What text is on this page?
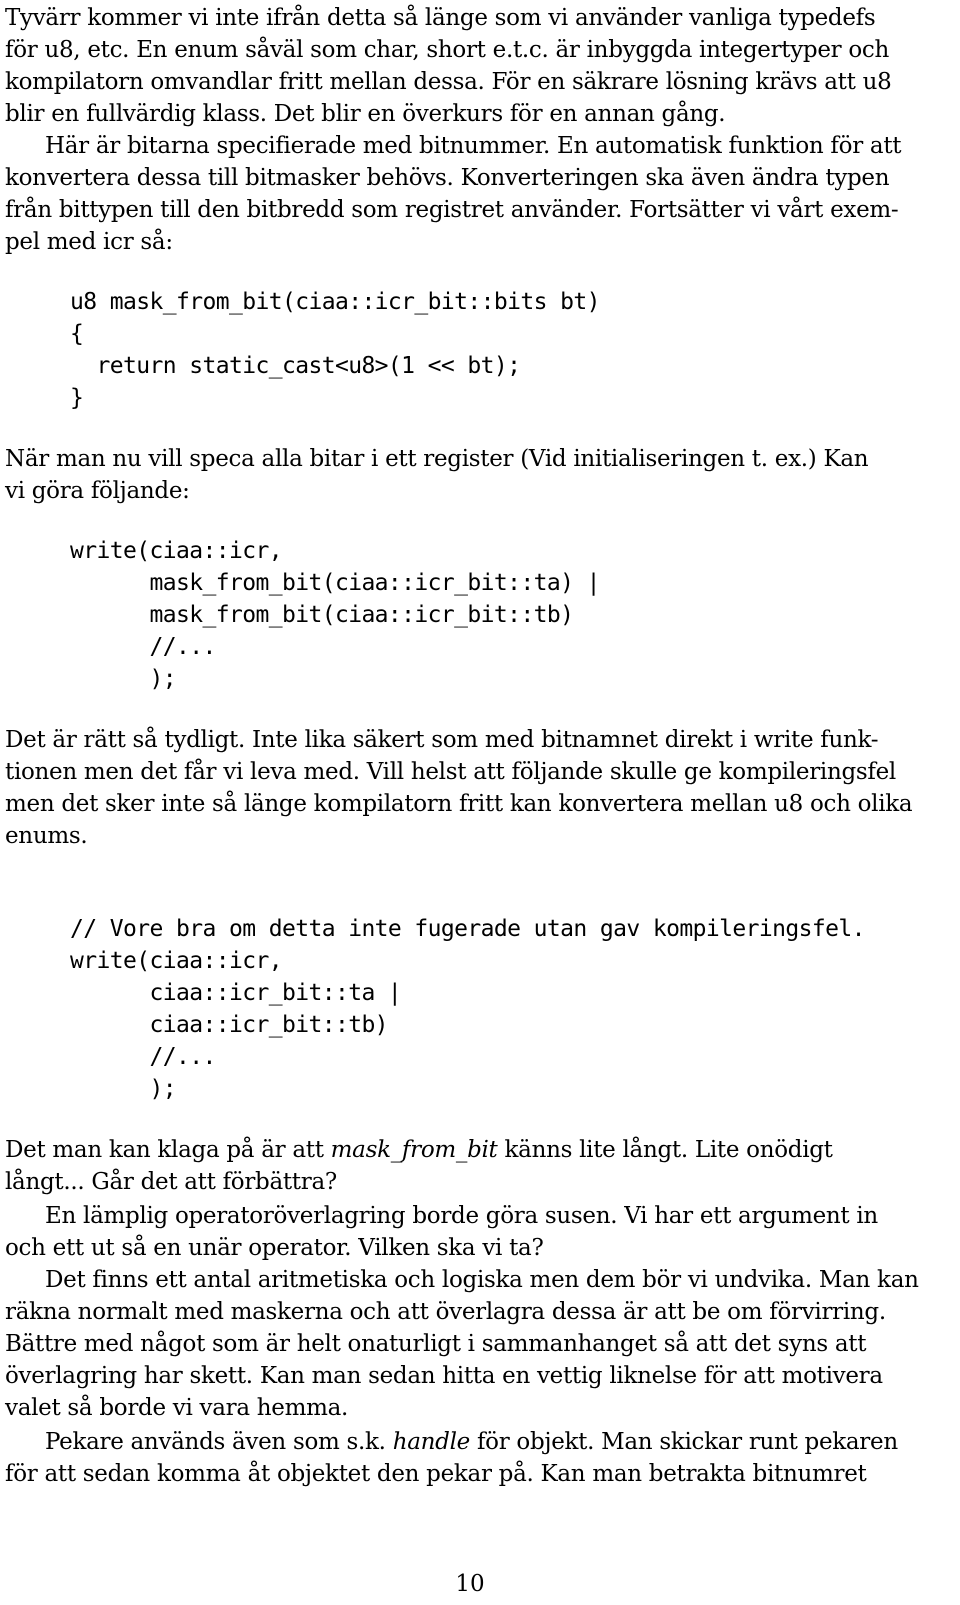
Tyvärr kommer vi inte ifrån detta så länge som vi använder vanliga typedefs
för u8, etc. En enum såväl som char, short e.t.c. är inbyggda integertyper och
kompilatorn omvandlar fritt mellan dessa. För en säkrare lösning krävs att u8
blir en fullvärdig klass. Det blir en överkurs för en annan gång.
Här är bitarna specifierade med bitnummer. En automatisk funktion för att
konvertera dessa till bitmasker behövs. Konverteringen ska även ändra typen
från bittypen till den bitbredd som registret använder. Fortsätter vi vårt exem-
pel med icr så:
u8 mask_from_bit(ciaa::icr_bit::bits bt)
{
return static_cast<u8>(1 << bt);
}
När man nu vill speca alla bitar i ett register (Vid initialiseringen t. ex.) Kan
vi göra följande:
write(ciaa::icr,
mask_from_bit(ciaa::icr_bit::ta) |
mask_from_bit(ciaa::icr_bit::tb)
//...
);
Det är rätt så tydligt. Inte lika säkert som med bitnamnet direkt i write funk-
tionen men det får vi leva med. Vill helst att följande skulle ge kompileringsfel
men det sker inte så länge kompilatorn fritt kan konvertera mellan u8 och olika
enums.
// Vore bra om detta inte fugerade utan gav kompileringsfel.
write(ciaa::icr,
ciaa::icr_bit::ta |
ciaa::icr_bit::tb)
//...
);
Det man kan klaga på är att mask_from_bit känns lite långt. Lite onödigt
långt... Går det att förbättra?
En lämplig operatoröverlagring borde göra susen. Vi har ett argument in
och ett ut så en unär operator. Vilken ska vi ta?
Det finns ett antal aritmetiska och logiska men dem bör vi undvika. Man kan
räkna normalt med maskerna och att överlagra dessa är att be om förvirring.
Bättre med något som är helt onaturligt i sammanhanget så att det syns att
överlagring har skett. Kan man sedan hitta en vettig liknelse för att motivera
valet så borde vi vara hemma.
Pekare används även som s.k. handle för objekt. Man skickar runt pekaren
för att sedan komma åt objektet den pekar på. Kan man betrakta bitnumret
10
